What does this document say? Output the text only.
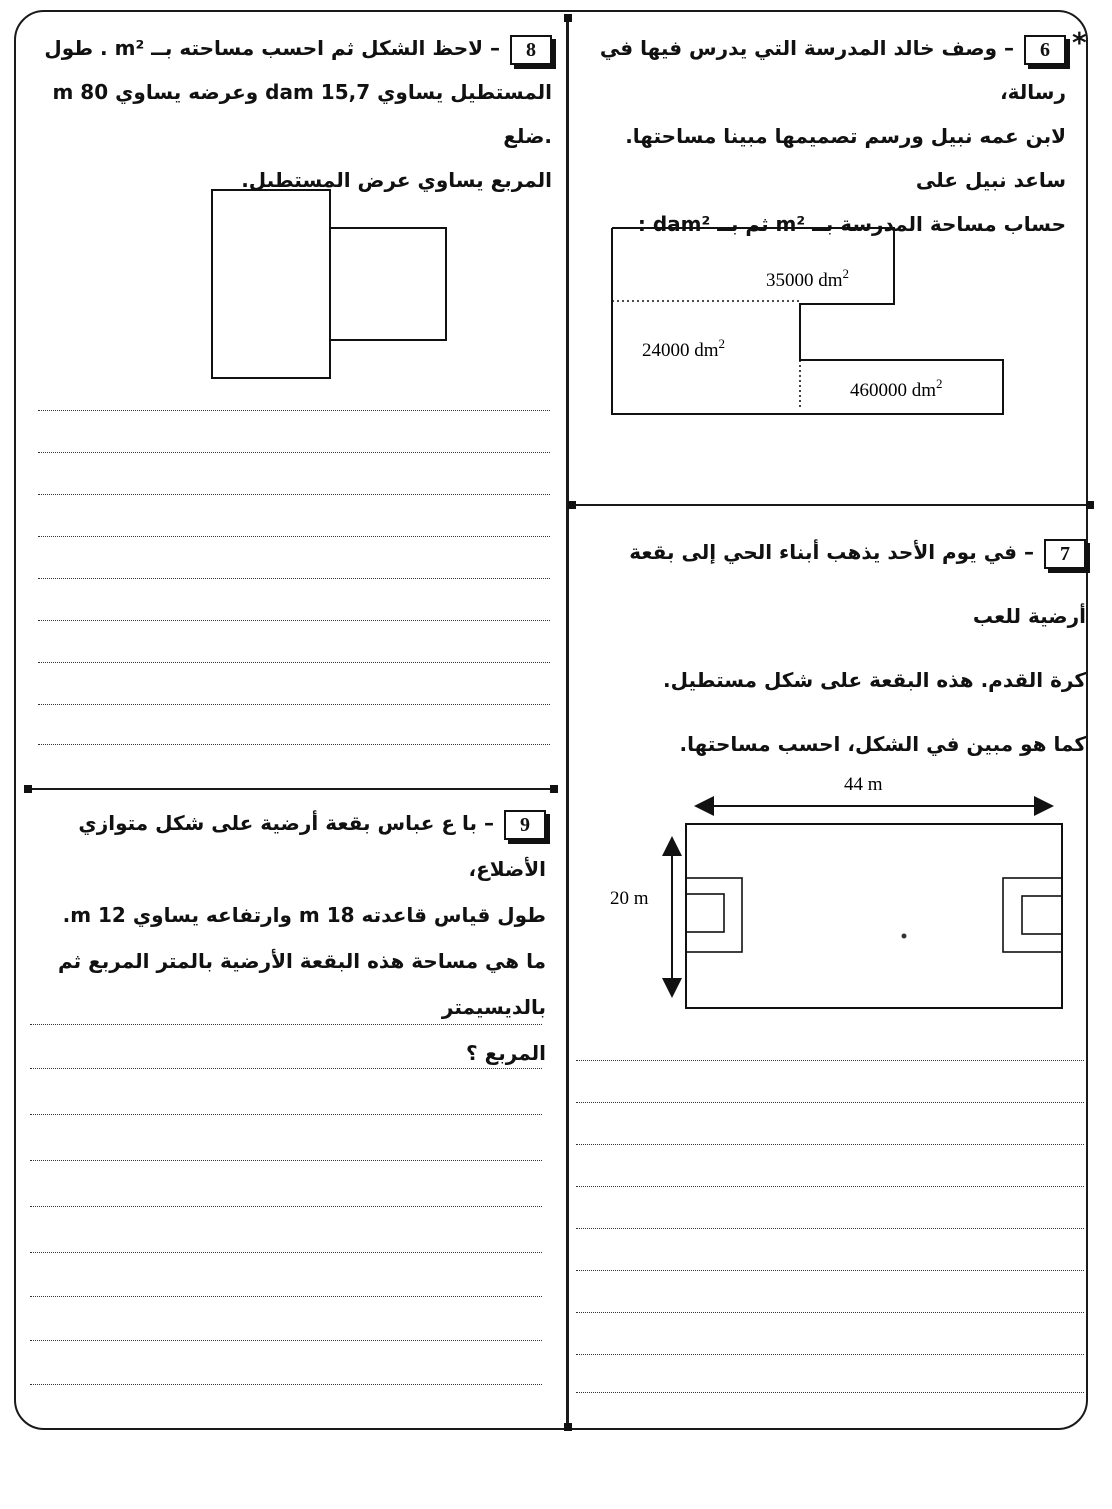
*
6– وصف خالد المدرسة التي يدرس فيها في رسالة،
لابن عمه نبيل ورسم تصميمها مبينا مساحتها. ساعد نبيل على
حساب مساحة المدرسة بــ m² ثم بــ dam² :
35000 $dm^2$
24000 $dm^2$
460000 $dm^2$
7– في يوم الأحد يذهب أبناء الحي إلى بقعة أرضية للعب
كرة القدم. هذه البقعة على شكل مستطيل.
كما هو مبين في الشكل، احسب مساحتها.
44 m
20 m
8– لاحظ الشكل ثم احسب مساحته بــ m² . طول
المستطيل يساوي 15,7 dam وعرضه يساوي 80 m .ضلع
المربع يساوي عرض المستطيل.
9– با ع عباس بقعة أرضية على شكل متوازي الأضلاع،
طول قياس قاعدته 18 m وارتفاعه يساوي 12 m.
ما هي مساحة هذه البقعة الأرضية بالمتر المربع ثم بالديسيمتر
المربع ؟
